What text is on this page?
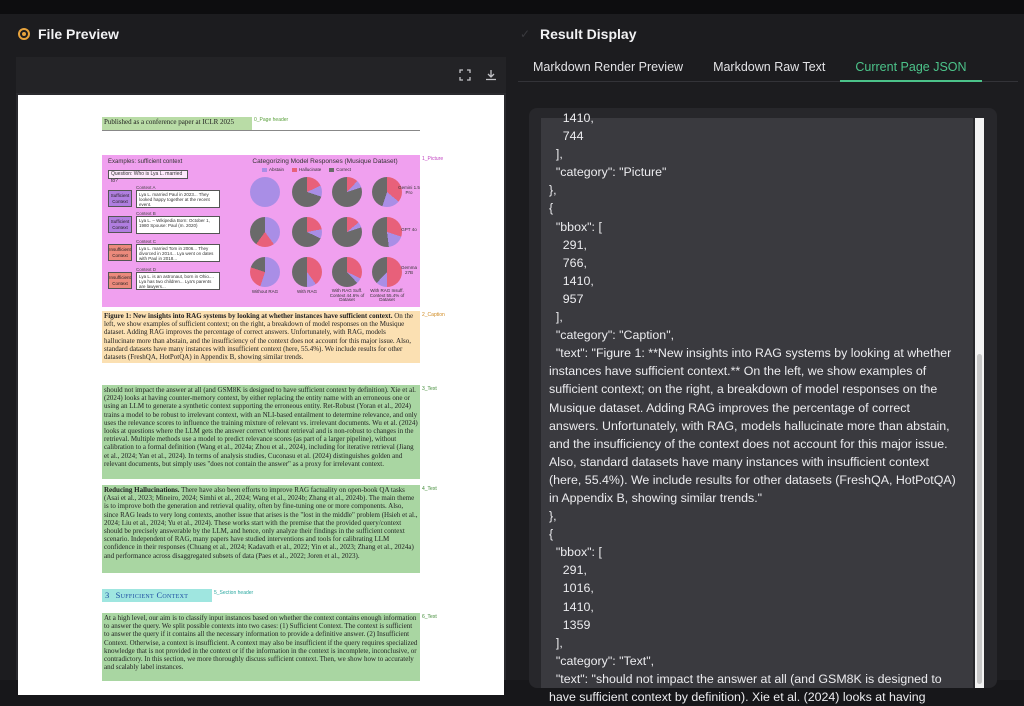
File Preview
Published as a conference paper at ICLR 2025	0_Page header
Examples: sufficient context
Question: Who is Lya L. married to?
Sufficient Context
Context A
Lya L. married Paul in 2023... They looked happy together at the recent event.
Sufficient Context
Context B
Lya L. – Wikipedia Born: October 1, 1980 Spouse: Paul (m. 2020)
Insufficient Context
Context C
Lya L. married Tom in 2006... They divorced in 2014... Lya went on dates with Paul in 2018...
Insufficient Context
Context D
Lya L. is an astronaut, born in Ohio.... Lya has two children... Lya's parents are lawyers...
Categorizing Model Responses (Musique Dataset)
Abstain	Hallucinate	Correct
Gemini 1.5 Pro
GPT 4o
Gemma 27B
Without RAG	With RAG	With RAG Suff. Context 44.6% of Dataset
With RAG Insuff. Context 55.4% of Dataset
1_Picture
Figure 1: New insights into RAG systems by looking at whether instances have sufficient context. On the left, we show examples of sufficient context; on the right, a breakdown of model responses on the Musique dataset. Adding RAG improves the percentage of correct answers. Unfortunately, with RAG, models hallucinate more than abstain, and the insufficiency of the context does not account for this major issue. Also, standard datasets have many instances with insufficient context (here, 55.4%). We include results for other datasets (FreshQA, HotPotQA) in Appendix B, showing similar trends.
2_Caption
should not impact the answer at all (and GSM8K is designed to have sufficient context by definition). Xie et al. (2024) looks at having counter-memory context, by either replacing the entity name with an erroneous one or using an LLM to generate a synthetic context supporting the erroneous entity. Ret-Robust (Yoran et al., 2024) trains a model to be robust to irrelevant context, with an NLI-based entailment to determine relevance, and only uses the relevance scores to influence the training mixture of relevant vs. irrelevant documents. Wu et al. (2024) looks at questions where the LLM gets the answer correct without retrieval and is non-robust to changes in the retrieval. Multiple methods use a model to predict relevance scores (as part of a larger pipeline), without calibration to a formal definition (Wang et al., 2024a; Zhou et al., 2024), including for iterative retrieval (Jiang et al., 2024; Yan et al., 2024). In terms of analysis studies, Cuconasu et al. (2024) distinguishes golden and relevant documents, but simply uses "does not contain the answer" as a proxy for irrelevant context.
3_Text
Reducing Hallucinations. There have also been efforts to improve RAG factuality on open-book QA tasks (Asai et al., 2023; Mineiro, 2024; Simhi et al., 2024; Wang et al., 2024b; Zhang et al., 2024b). The main theme is to improve both the generation and retrieval quality, often by fine-tuning one or more components. Also, since RAG leads to very long contexts, another issue that arises is the "lost in the middle" problem (Hsieh et al., 2024; Liu et al., 2024; Yu et al., 2024). These works start with the premise that the provided query/context should be precisely answerable by the LLM, and hence, only analyze their findings in the sufficient context scenario. Independent of RAG, many papers have studied interventions and tools for calibrating LLM confidence in their responses (Chuang et al., 2024; Kadavath et al., 2022; Yin et al., 2023; Zhang et al., 2024a) and performance across disaggregated subsets of data (Paes et al., 2022; Joren et al., 2023).
4_Text
3 Sufficient Context	5_Section header
At a high level, our aim is to classify input instances based on whether the context contains enough information to answer the query. We split possible contexts into two cases: (1) Sufficient Context. The context is sufficient to answer the query if it contains all the necessary information to provide a definitive answer. (2) Insufficient Context. Otherwise, a context is insufficient. A context may also be insufficient if the query requires specialized knowledge that is not provided in the context or if the information in the context is incomplete, inconclusive, or contradictory. In this section, we more thoroughly discuss sufficient context. Then, we show how to accurately and scalably label instances.
6_Text
✓ Result Display
Markdown Render Preview	Markdown Raw Text	Current Page JSON
1410,
744
],
"category": "Picture"
},
{
"bbox": [
291,
766,
1410,
957
],
"category": "Caption",
"text": "Figure 1: **New insights into RAG systems by looking at whether instances have sufficient context.** On the left, we show examples of sufficient context; on the right, a breakdown of model responses on the Musique dataset. Adding RAG improves the percentage of correct answers. Unfortunately, with RAG, models hallucinate more than abstain, and the insufficiency of the context does not account for this major issue. Also, standard datasets have many instances with insufficient context (here, 55.4%). We include results for other datasets (FreshQA, HotPotQA) in Appendix B, showing similar trends."
},
{
"bbox": [
291,
1016,
1410,
1359
],
"category": "Text",
"text": "should not impact the answer at all (and GSM8K is designed to have sufficient context by definition). Xie et al. (2024) looks at having
